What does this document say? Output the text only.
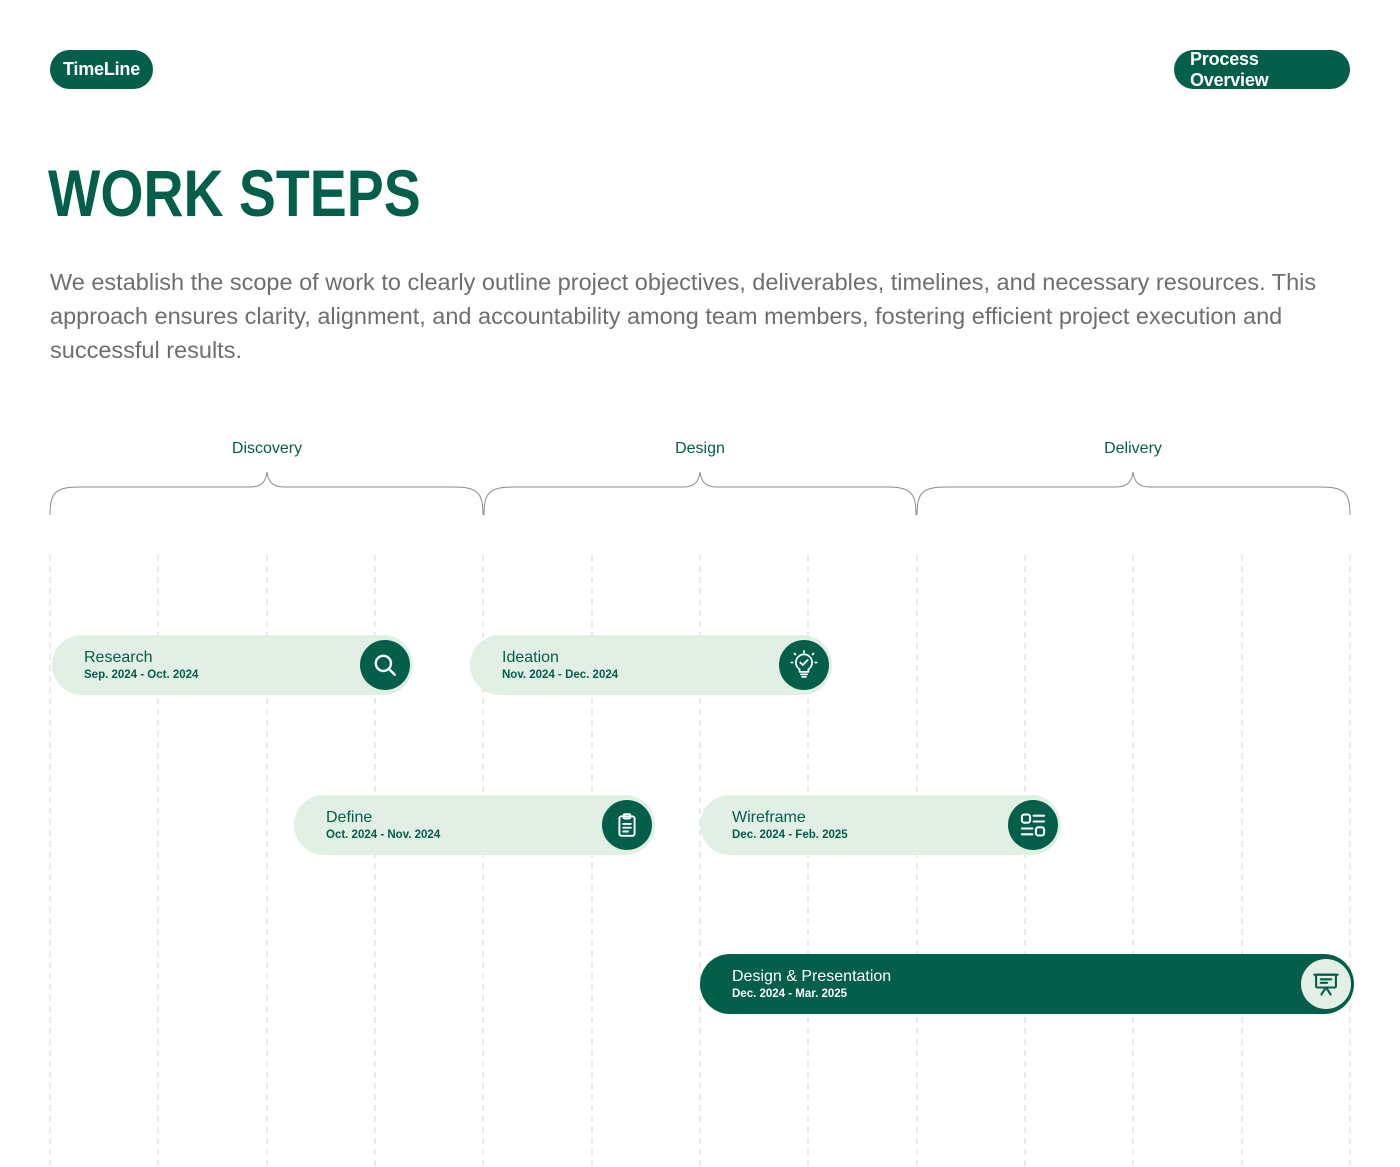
TimeLine
Process Overview
WORK STEPS

We establish the scope of work to clearly outline project objectives, deliverables, timelines, and necessary resources. This approach ensures clarity, alignment, and accountability among team members, fostering efficient project execution and successful results.

Discovery	Design	Delivery
Research
Sep. 2024 - Oct. 2024
Ideation
Nov. 2024 - Dec. 2024
Define
Oct. 2024 - Nov. 2024
Wireframe
Dec. 2024 - Feb. 2025
Design & Presentation
Dec. 2024 - Mar. 2025
